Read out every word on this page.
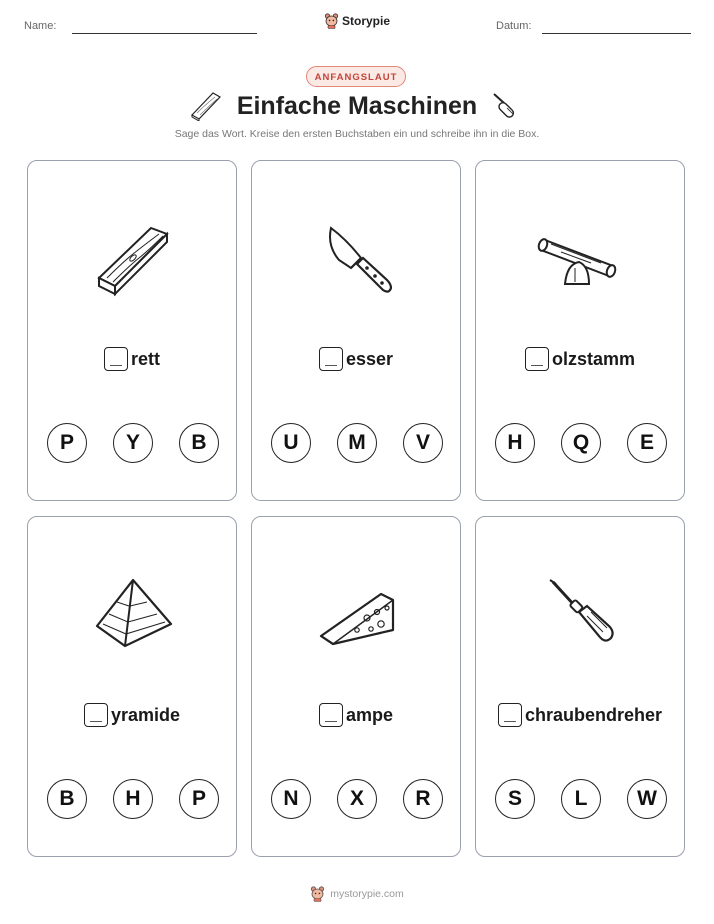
Name:	Storypie	Datum:
ANFANGSLAUT
Einfache Maschinen
Sage das Wort. Kreise den ersten Buchstaben ein und schreibe ihn in die Box.
rett
P	Y	B
esser
U	M	V
olzstamm
H	Q	E
yramide
B	H	P
ampe
N	X	R
chraubendreher
S	L	W
mystorypie.com
